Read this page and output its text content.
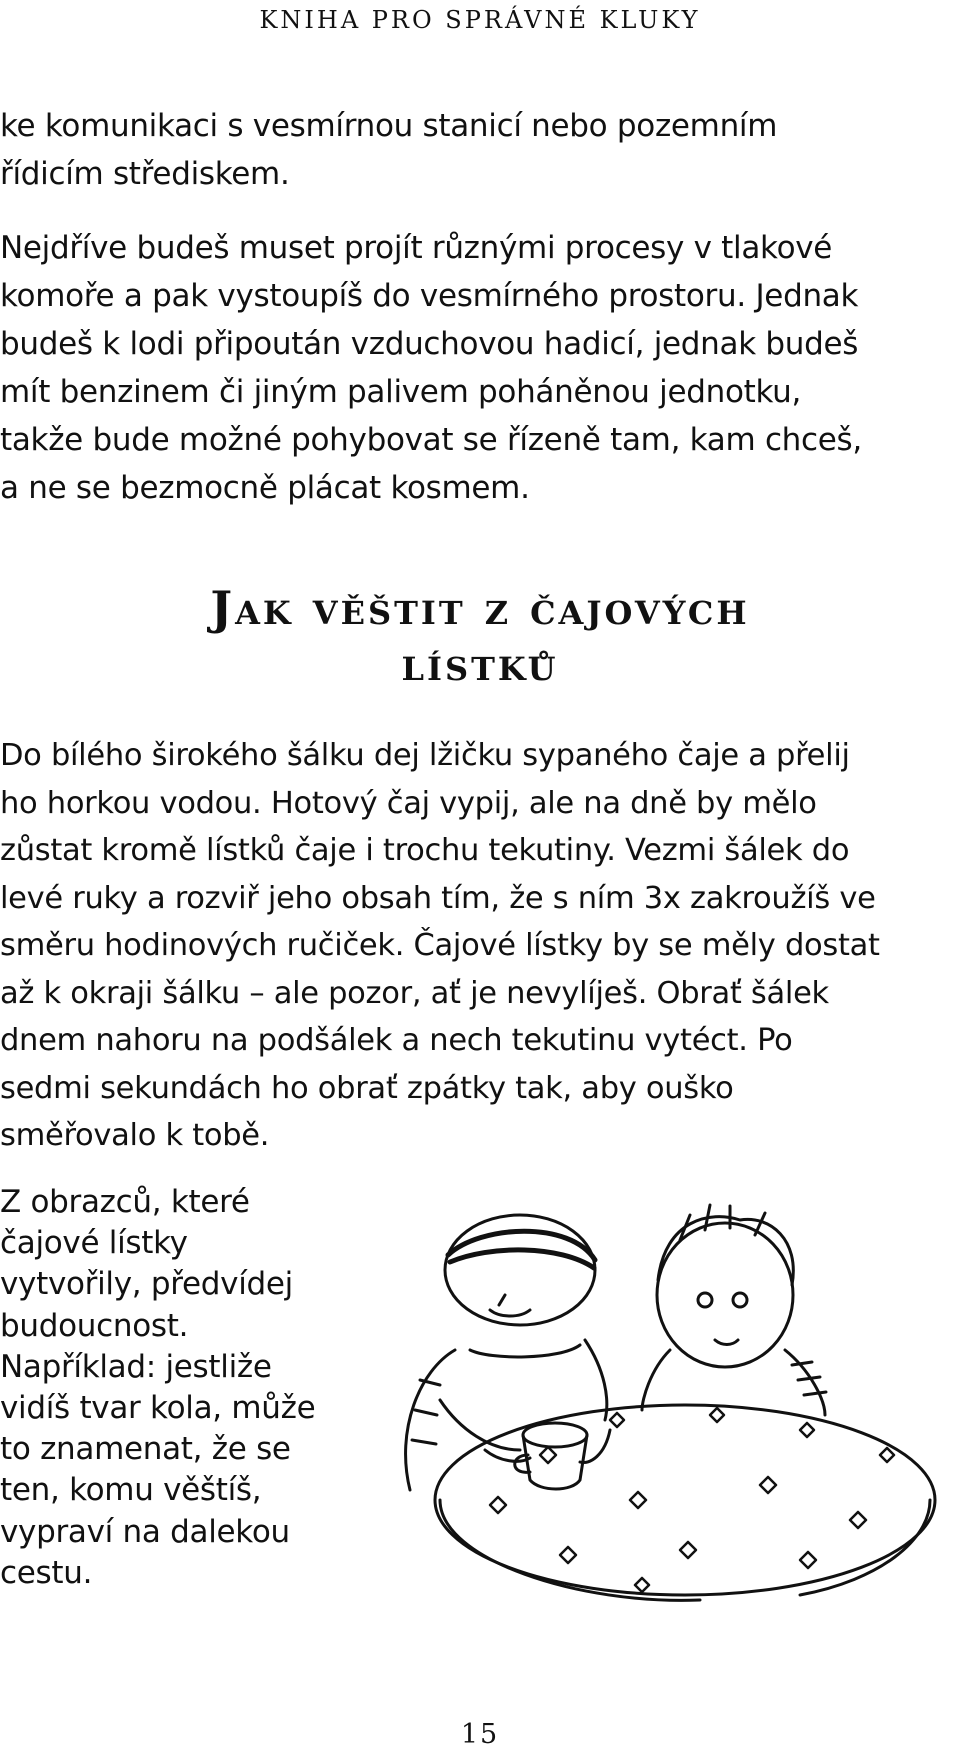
KNIHA PRO SPRÁVNÉ KLUKY

ke komunikaci s vesmírnou stanicí nebo pozemním
řídicím střediskem.

Nejdříve budeš muset projít různými procesy v tlakové
komoře a pak vystoupíš do vesmírného prostoru. Jednak
budeš k lodi připoután vzduchovou hadicí, jednak budeš
mít benzinem či jiným palivem poháněnou jednotku,
takže bude možné pohybovat se řízeně tam, kam chceš,
a ne se bezmocně plácat kosmem.

Jak věštit z čajových
lístků

Do bílého širokého šálku dej lžičku sypaného čaje a přelij
ho horkou vodou. Hotový čaj vypij, ale na dně by mělo
zůstat kromě lístků čaje i trochu tekutiny. Vezmi šálek do
levé ruky a rozviř jeho obsah tím, že s ním 3x zakroužíš ve
směru hodinových ručiček. Čajové lístky by se měly dostat
až k okraji šálku – ale pozor, ať je nevylíješ. Obrať šálek
dnem nahoru na podšálek a nech tekutinu vytéct. Po
sedmi sekundách ho obrať zpátky tak, aby ouško
směřovalo k tobě.

Z obrazců, které
čajové lístky
vytvořily, předvídej
budoucnost.
Například: jestliže
vidíš tvar kola, může
to znamenat, že se
ten, komu věštíš,
vypraví na dalekou
cestu.

15
